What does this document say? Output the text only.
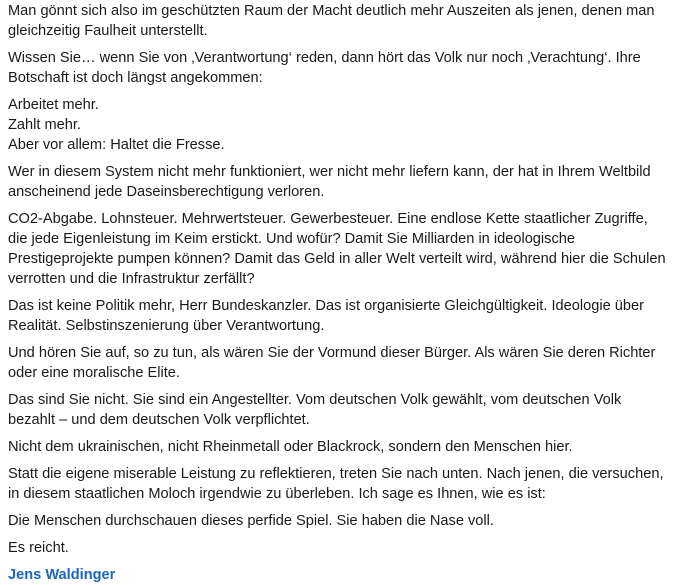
Man gönnt sich also im geschützten Raum der Macht deutlich mehr Auszeiten als jenen, denen man gleichzeitig Faulheit unterstellt.

Wissen Sie… wenn Sie von ‚Verantwortung‘ reden, dann hört das Volk nur noch ‚Verachtung‘. Ihre Botschaft ist doch längst angekommen:

Arbeitet mehr.
Zahlt mehr.
Aber vor allem: Haltet die Fresse.

Wer in diesem System nicht mehr funktioniert, wer nicht mehr liefern kann, der hat in Ihrem Weltbild anscheinend jede Daseinsberechtigung verloren.

CO2-Abgabe. Lohnsteuer. Mehrwertsteuer. Gewerbesteuer. Eine endlose Kette staatlicher Zugriffe, die jede Eigenleistung im Keim erstickt. Und wofür? Damit Sie Milliarden in ideologische Prestigeprojekte pumpen können? Damit das Geld in aller Welt verteilt wird, während hier die Schulen verrotten und die Infrastruktur zerfällt?

Das ist keine Politik mehr, Herr Bundeskanzler. Das ist organisierte Gleichgültigkeit. Ideologie über Realität. Selbstinszenierung über Verantwortung.

Und hören Sie auf, so zu tun, als wären Sie der Vormund dieser Bürger. Als wären Sie deren Richter oder eine moralische Elite.

Das sind Sie nicht. Sie sind ein Angestellter. Vom deutschen Volk gewählt, vom deutschen Volk bezahlt – und dem deutschen Volk verpflichtet.

Nicht dem ukrainischen, nicht Rheinmetall oder Blackrock, sondern den Menschen hier.

Statt die eigene miserable Leistung zu reflektieren, treten Sie nach unten. Nach jenen, die versuchen, in diesem staatlichen Moloch irgendwie zu überleben. Ich sage es Ihnen, wie es ist:

Die Menschen durchschauen dieses perfide Spiel. Sie haben die Nase voll.

Es reicht.

Jens Waldinger
